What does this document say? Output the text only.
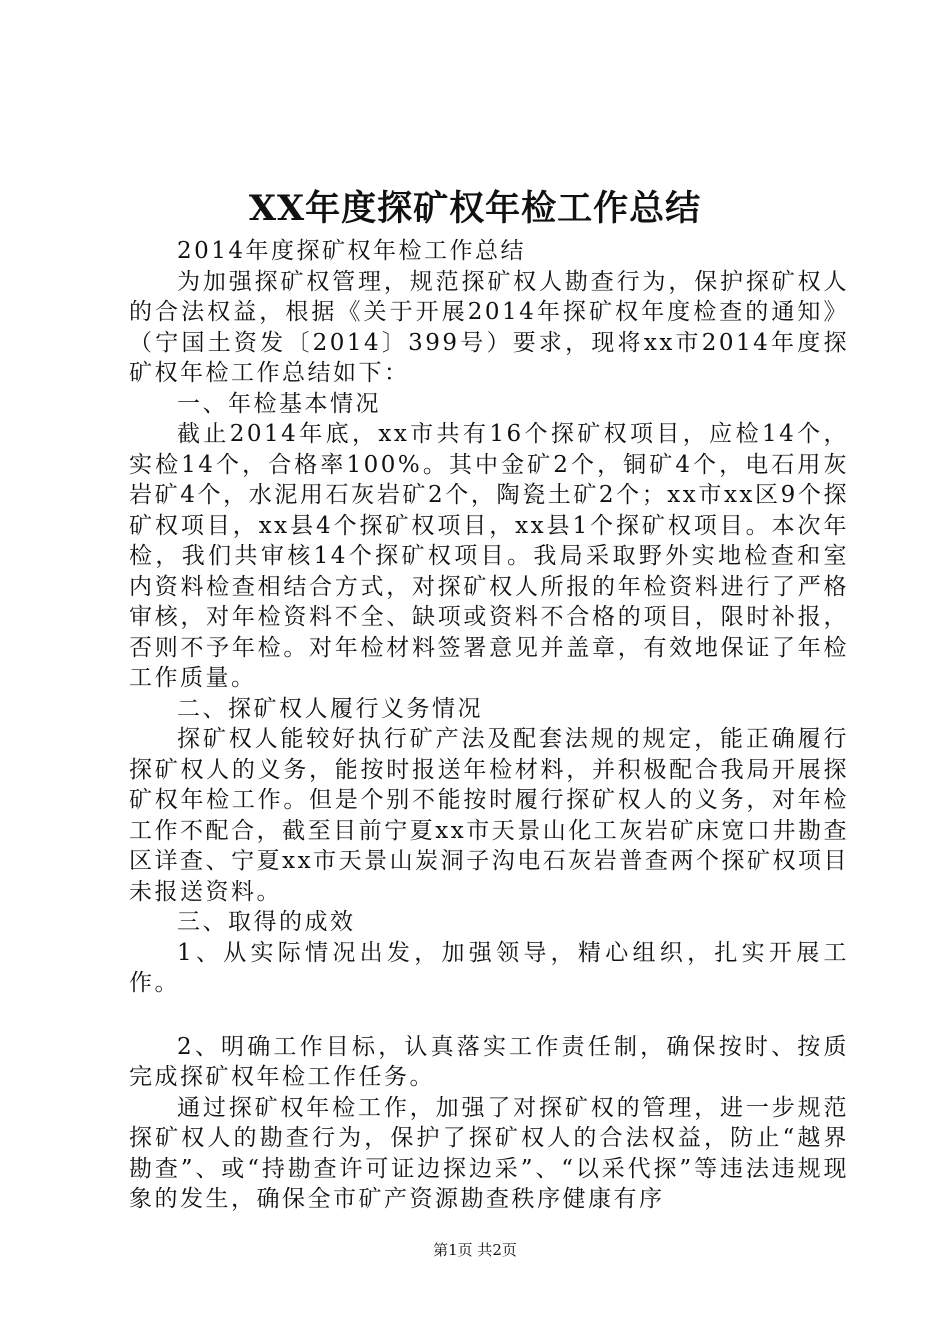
XX年度探矿权年检工作总结

2014年度探矿权年检工作总结

为加强探矿权管理，规范探矿权人勘查行为，保护探矿权人的合法权益，根据《关于开展2014年探矿权年度检查的通知》（宁国土资发〔2014〕399号）要求，现将xx市2014年度探矿权年检工作总结如下：

一、年检基本情况

截止2014年底，xx市共有16个探矿权项目，应检14个，实检14个，合格率100%。其中金矿2个，铜矿4个，电石用灰岩矿4个，水泥用石灰岩矿2个，陶瓷土矿2个；xx市xx区9个探矿权项目，xx县4个探矿权项目，xx县1个探矿权项目。本次年检，我们共审核14个探矿权项目。我局采取野外实地检查和室内资料检查相结合方式，对探矿权人所报的年检资料进行了严格审核，对年检资料不全、缺项或资料不合格的项目，限时补报，否则不予年检。对年检材料签署意见并盖章，有效地保证了年检工作质量。

二、探矿权人履行义务情况

探矿权人能较好执行矿产法及配套法规的规定，能正确履行探矿权人的义务，能按时报送年检材料，并积极配合我局开展探矿权年检工作。但是个别不能按时履行探矿权人的义务，对年检工作不配合，截至目前宁夏xx市天景山化工灰岩矿床宽口井勘查区详查、宁夏xx市天景山炭洞子沟电石灰岩普查两个探矿权项目未报送资料。

三、取得的成效

1、从实际情况出发，加强领导，精心组织，扎实开展工作。

2、明确工作目标，认真落实工作责任制，确保按时、按质完成探矿权年检工作任务。

通过探矿权年检工作，加强了对探矿权的管理，进一步规范探矿权人的勘查行为，保护了探矿权人的合法权益，防止“越界勘查”、或“持勘查许可证边探边采”、“以采代探”等违法违规现象的发生，确保全市矿产资源勘查秩序健康有序

第1页 共2页
